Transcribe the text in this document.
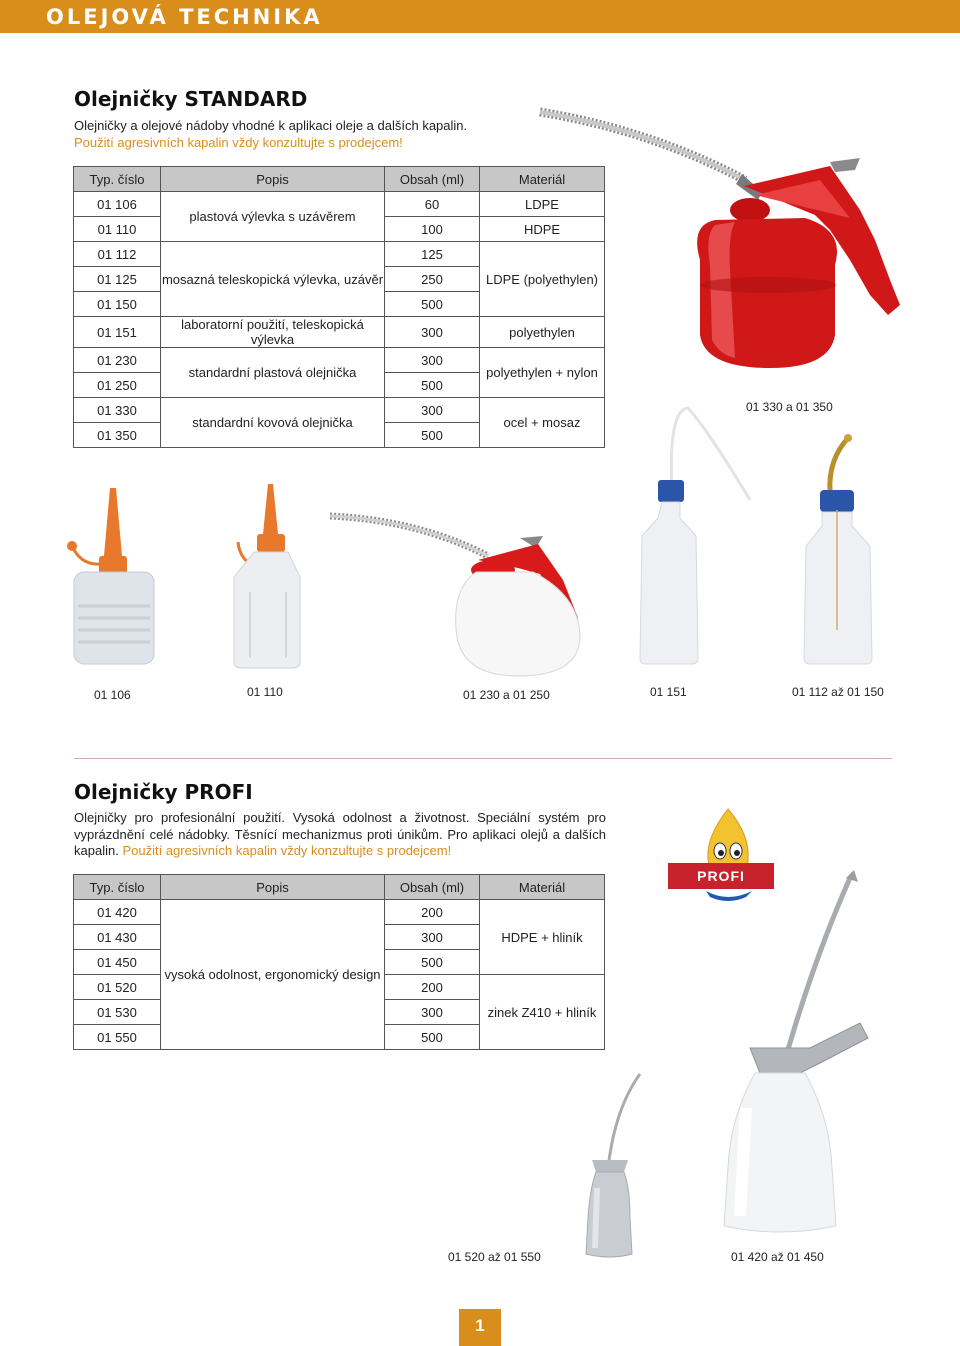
OLEJOVÁ TECHNIKA
Olejničky STANDARD
Olejničky a olejové nádoby vhodné k aplikaci oleje a dalších kapalin.
Použití agresivních kapalin vždy konzultujte s prodejcem!
Typ. číslo	Popis	Obsah (ml)	Materiál
01 106	plastová výlevka s uzávěrem	60	LDPE
01 110		100	HDPE
01 112	mosazná teleskopická výlevka, uzávěr	125	LDPE (polyethylen)
01 125		250	
01 150		500	
01 151	laboratorní použití, teleskopická výlevka	300	polyethylen
01 230	standardní plastová olejnička	300	polyethylen + nylon
01 250		500	
01 330	standardní kovová olejnička	300	ocel + mosaz
01 350		500	
01 330 a 01 350
01 106	01 110	01 230 a 01 250	01 151	01 112 až 01 150
Olejničky PROFI
Olejničky pro profesionální použití. Vysoká odolnost a životnost. Speciální systém pro vyprázdnění celé nádobky. Těsnící mechanizmus proti únikům. Pro aplikaci olejů a dalších kapalin. Použití agresivních kapalin vždy konzultujte s prodejcem!
PROFI
Typ. číslo	Popis	Obsah (ml)	Materiál
01 420	vysoká odolnost, ergonomický design	200	HDPE + hliník
01 430		300	
01 450		500	
01 520		200	zinek Z410 + hliník
01 530		300	
01 550		500	
01 520 až 01 550	01 420 až 01 450
1
